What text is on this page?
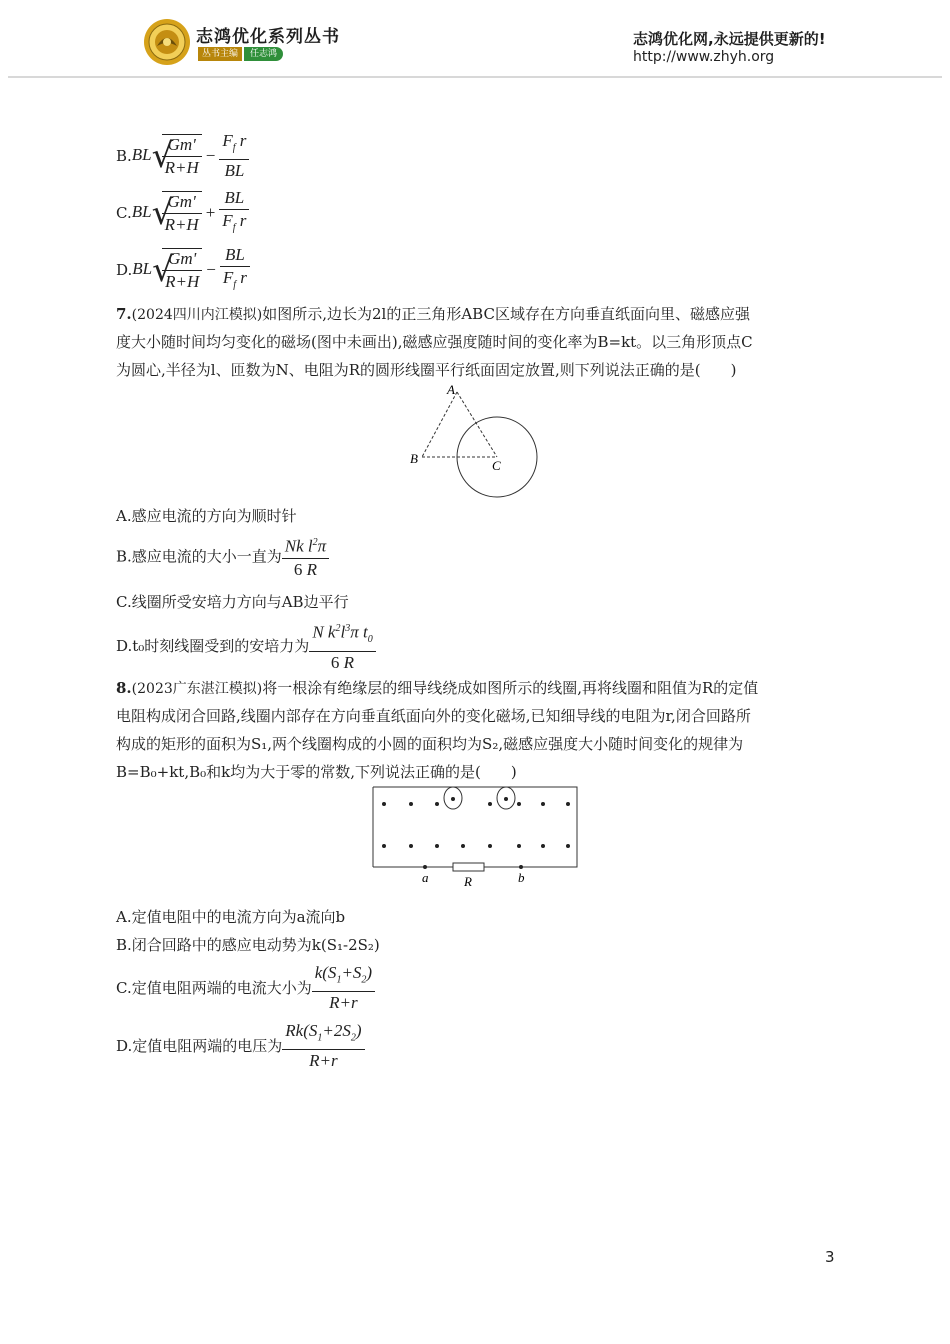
志鸿优化系列丛书
丛书主编	任志鸿
志鸿优化网,永远提供更新的!
http://www.zhyh.org
B.BL √
$\frac{Gm'}{R+H} - \frac{F_f r}{BL}$
C.BL √
$\frac{Gm'}{R+H} + \frac{BL}{F_f r}$
D.BL √
$\frac{Gm'}{R+H} - \frac{BL}{F_f r}$
7.(2024四川内江模拟)如图所示,边长为2l的正三角形ABC区域存在方向垂直纸面向里、磁感应强
度大小随时间均匀变化的磁场(图中未画出),磁感应强度随时间的变化率为B=kt。以三角形顶点C
为圆心,半径为l、匝数为N、电阻为R的圆形线圈平行纸面固定放置,则下列说法正确的是(　　)
A
B	C
A.感应电流的方向为顺时针
B.感应电流的大小一直为 $\frac{Nk l^2\pi}{6 R}$
C.线圈所受安培力方向与AB边平行
D.t₀时刻线圈受到的安培力为 $\frac{N k^2l^3\pi t_0}{6 R}$
8.(2023广东湛江模拟)将一根涂有绝缘层的细导线绕成如图所示的线圈,再将线圈和阻值为R的定值
电阻构成闭合回路,线圈内部存在方向垂直纸面向外的变化磁场,已知细导线的电阻为r,闭合回路所
构成的矩形的面积为S₁,两个线圈构成的小圆的面积均为S₂,磁感应强度大小随时间变化的规律为
B=B₀+kt,B₀和k均为大于零的常数,下列说法正确的是(　　)
a	R	b
A.定值电阻中的电流方向为a流向b
B.闭合回路中的感应电动势为k(S₁-2S₂)
C.定值电阻两端的电流大小为 $\frac{k(S_1+S_2)}{R+r}$
D.定值电阻两端的电压为 $\frac{Rk(S_1+2S_2)}{R+r}$
3
